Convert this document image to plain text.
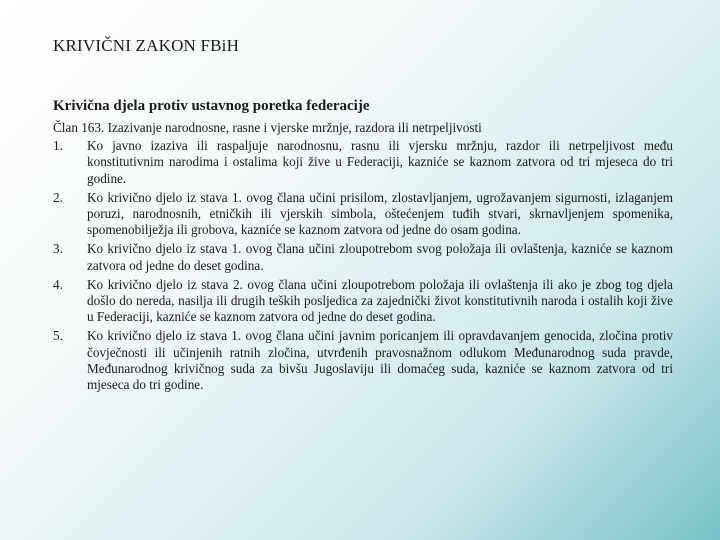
KRIVIČNI ZAKON FBiH
Krivična djela protiv ustavnog poretka federacije
Član 163. Izazivanje narodnosne, rasne i vjerske mržnje, razdora ili netrpeljivosti
1. Ko javno izaziva ili raspaljuje narodnosnu, rasnu ili vjersku mržnju, razdor ili netrpeljivost među konstitutivnim narodima i ostalima koji žive u Federaciji, kazniće se kaznom zatvora od tri mjeseca do tri godine.
2. Ko krivično djelo iz stava 1. ovog člana učini prisilom, zlostavljanjem, ugrožavanjem sigurnosti, izlaganjem poruzi, narodnosnih, etničkih ili vjerskih simbola, oštećenjem tuđih stvari, skrnavljenjem spomenika, spomenobilježja ili grobova, kazniće se kaznom zatvora od jedne do osam godina.
3. Ko krivično djelo iz stava 1. ovog člana učini zloupotrebom svog položaja ili ovlaštenja, kazniće se kaznom zatvora od jedne do deset godina.
4. Ko krivično djelo iz stava 2. ovog člana učini zloupotrebom položaja ili ovlaštenja ili ako je zbog tog djela došlo do nereda, nasilja ili drugih teških posljedica za zajednički život konstitutivnih naroda i ostalih koji žive u Federaciji, kazniće se kaznom zatvora od jedne do deset godina.
5. Ko krivično djelo iz stava 1. ovog člana učini javnim poricanjem ili opravdavanjem genocida, zločina protiv čovječnosti ili učinjenih ratnih zločina, utvrđenih pravosnažnom odlukom Međunarodnog suda pravde, Međunarodnog krivičnog suda za bivšu Jugoslaviju ili domaćeg suda, kazniće se kaznom zatvora od tri mjeseca do tri godine.
